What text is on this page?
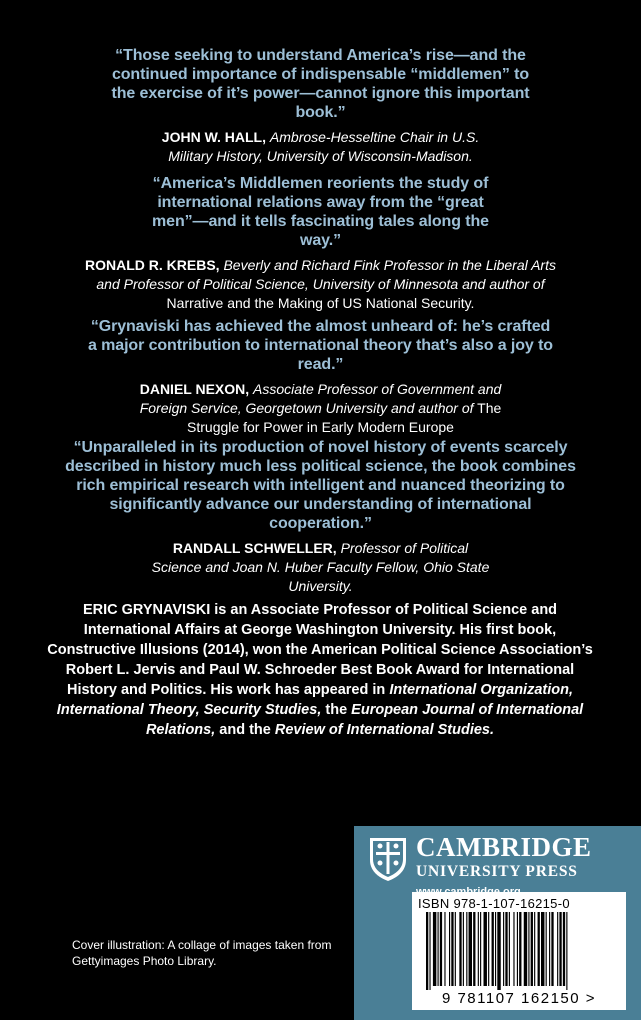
“Those seeking to understand America’s rise—and the continued importance of indispensable “middlemen” to the exercise of it’s power—cannot ignore this important book.”
JOHN W. HALL, Ambrose-Hesseltine Chair in U.S. Military History, University of Wisconsin-Madison.
“America’s Middlemen reorients the study of international relations away from the “great men”—and it tells fascinating tales along the way.”
RONALD R. KREBS, Beverly and Richard Fink Professor in the Liberal Arts and Professor of Political Science, University of Minnesota and author of Narrative and the Making of US National Security.
“Grynaviski has achieved the almost unheard of: he’s crafted a major contribution to international theory that’s also a joy to read.”
DANIEL NEXON, Associate Professor of Government and Foreign Service, Georgetown University and author of The Struggle for Power in Early Modern Europe
“Unparalleled in its production of novel history of events scarcely described in history much less political science, the book combines rich empirical research with intelligent and nuanced theorizing to significantly advance our understanding of international cooperation.”
RANDALL SCHWELLER, Professor of Political Science and Joan N. Huber Faculty Fellow, Ohio State University.
ERIC GRYNAVISKI is an Associate Professor of Political Science and International Affairs at George Washington University. His first book, Constructive Illusions (2014), won the American Political Science Association’s Robert L. Jervis and Paul W. Schroeder Best Book Award for International History and Politics. His work has appeared in International Organization, International Theory, Security Studies, the European Journal of International Relations, and the Review of International Studies.
Cover illustration: A collage of images taken from Gettyimages Photo Library.
CAMBRIDGE
UNIVERSITY PRESS
ISBN 978-1-107-16215-0
9 781107 162150 >
